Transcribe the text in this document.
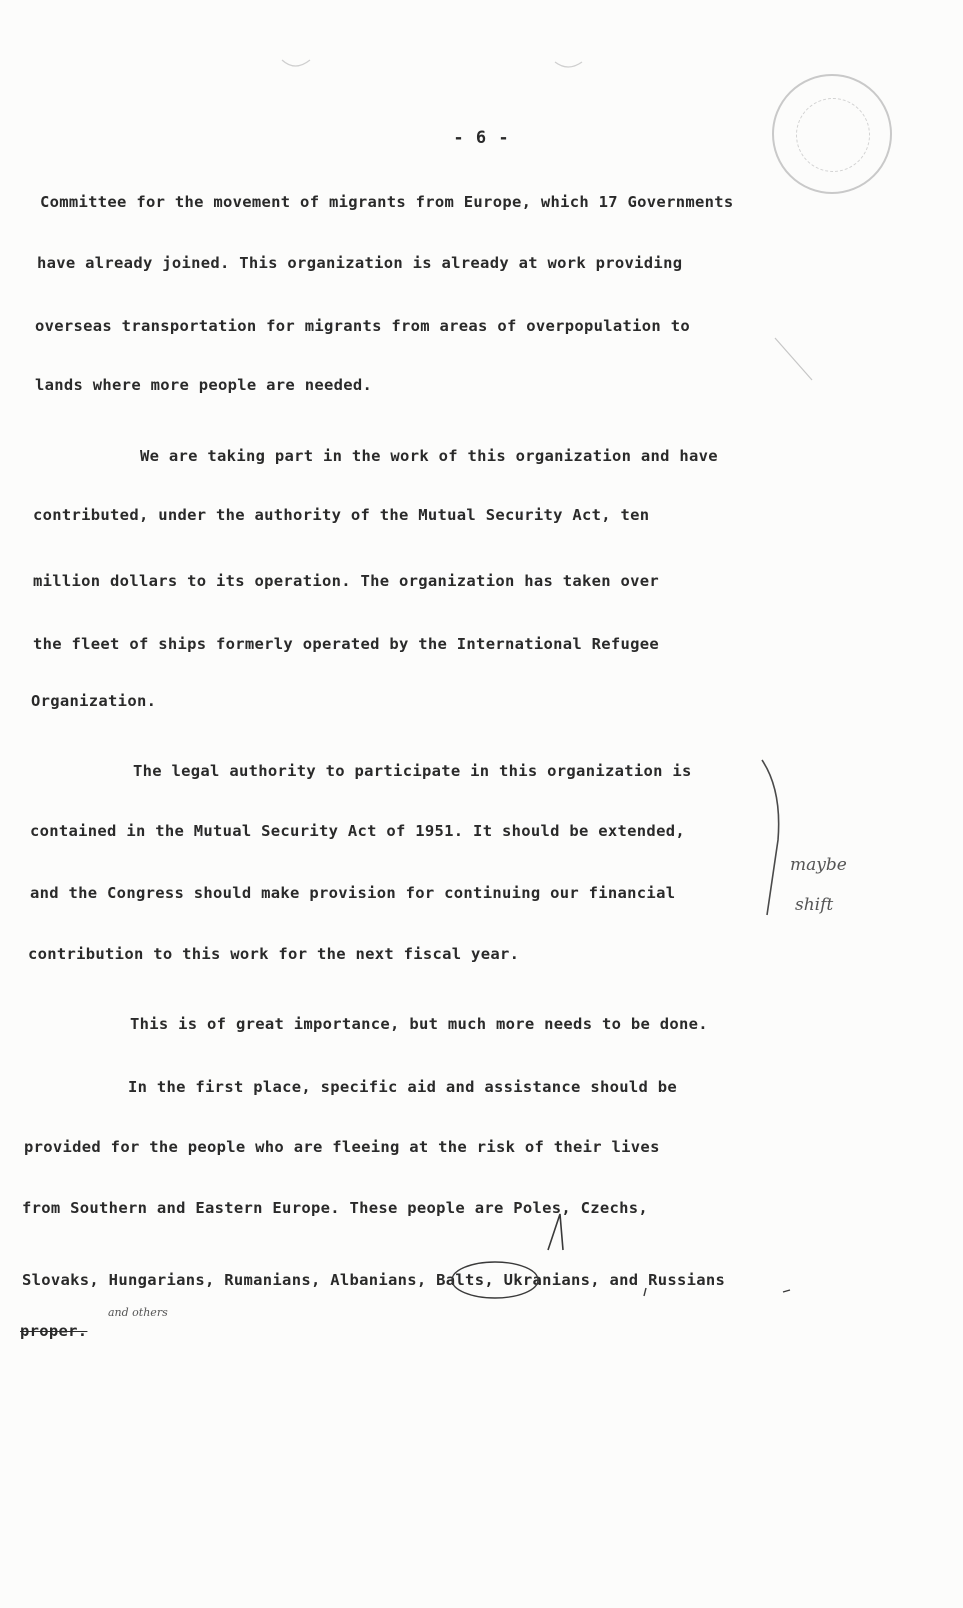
- 6 -
Committee for the movement of migrants from Europe, which 17 Governments
have already joined. This organization is already at work providing
overseas transportation for migrants from areas of overpopulation to
lands where more people are needed.
We are taking part in the work of this organization and have
contributed, under the authority of the Mutual Security Act, ten
million dollars to its operation. The organization has taken over
the fleet of ships formerly operated by the International Refugee
Organization.
The legal authority to participate in this organization is
contained in the Mutual Security Act of 1951. It should be extended,
and the Congress should make provision for continuing our financial
contribution to this work for the next fiscal year.
This is of great importance, but much more needs to be done.
In the first place, specific aid and assistance should be
provided for the people who are fleeing at the risk of their lives
from Southern and Eastern Europe. These people are Poles, Czechs,
Slovaks, Hungarians, Rumanians, Albanians, Balts, Ukranians, and Russians
proper.
maybe
shift
and others
